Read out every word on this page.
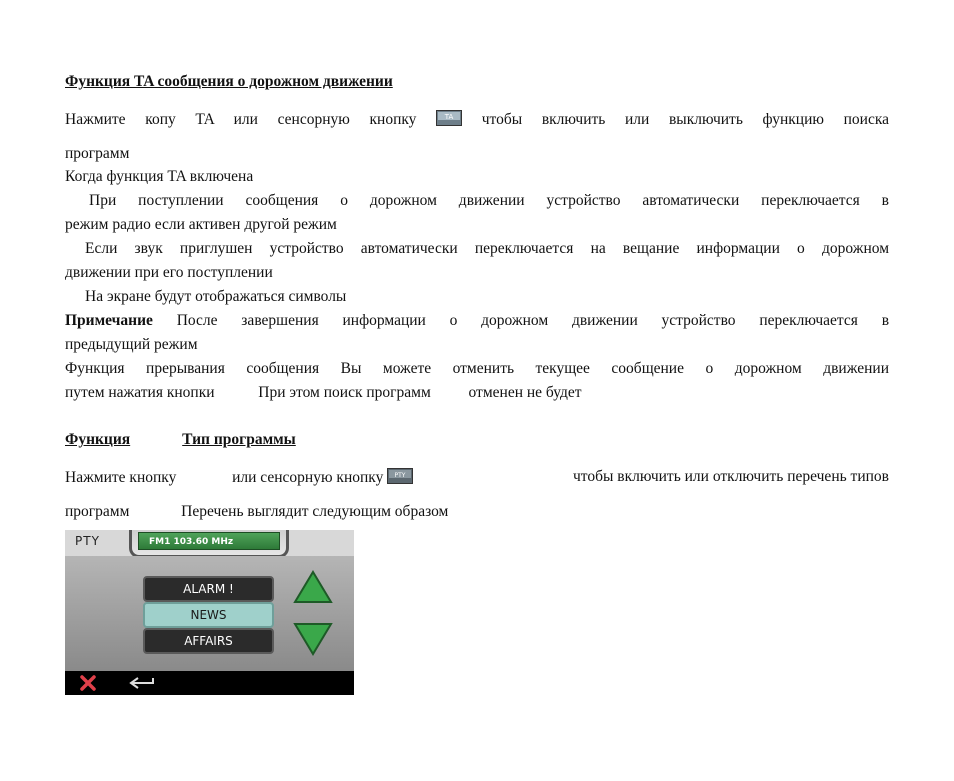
Функция TA сообщения о дорожном движении
Нажмите копу TA или сенсорную кнопку	TA чтобы включить или выключить функцию поиска
программ
Когда функция TA включена
При поступлении сообщения о дорожном движении устройство автоматически переключается в
режим радио если активен другой режим
Если звук приглушен устройство автоматически переключается на вещание информации о дорожном
движении при его поступлении
На экране будут отображаться символы
Примечание После завершения информации о дорожном движении устройство переключается в
предыдущий режим
Функция прерывания сообщения Вы можете отменить текущее сообщение о дорожном движении
путем нажатия кнопки	При этом поиск программ отменен не будет
Функция	Тип программы
Нажмите кнопку	или сенсорную кнопку PTY	чтобы включить или отключить перечень типов
программ	Перечень выглядит следующим образом
PTY	FM1 103.60 MHz
ALARM !
NEWS
AFFAIRS
